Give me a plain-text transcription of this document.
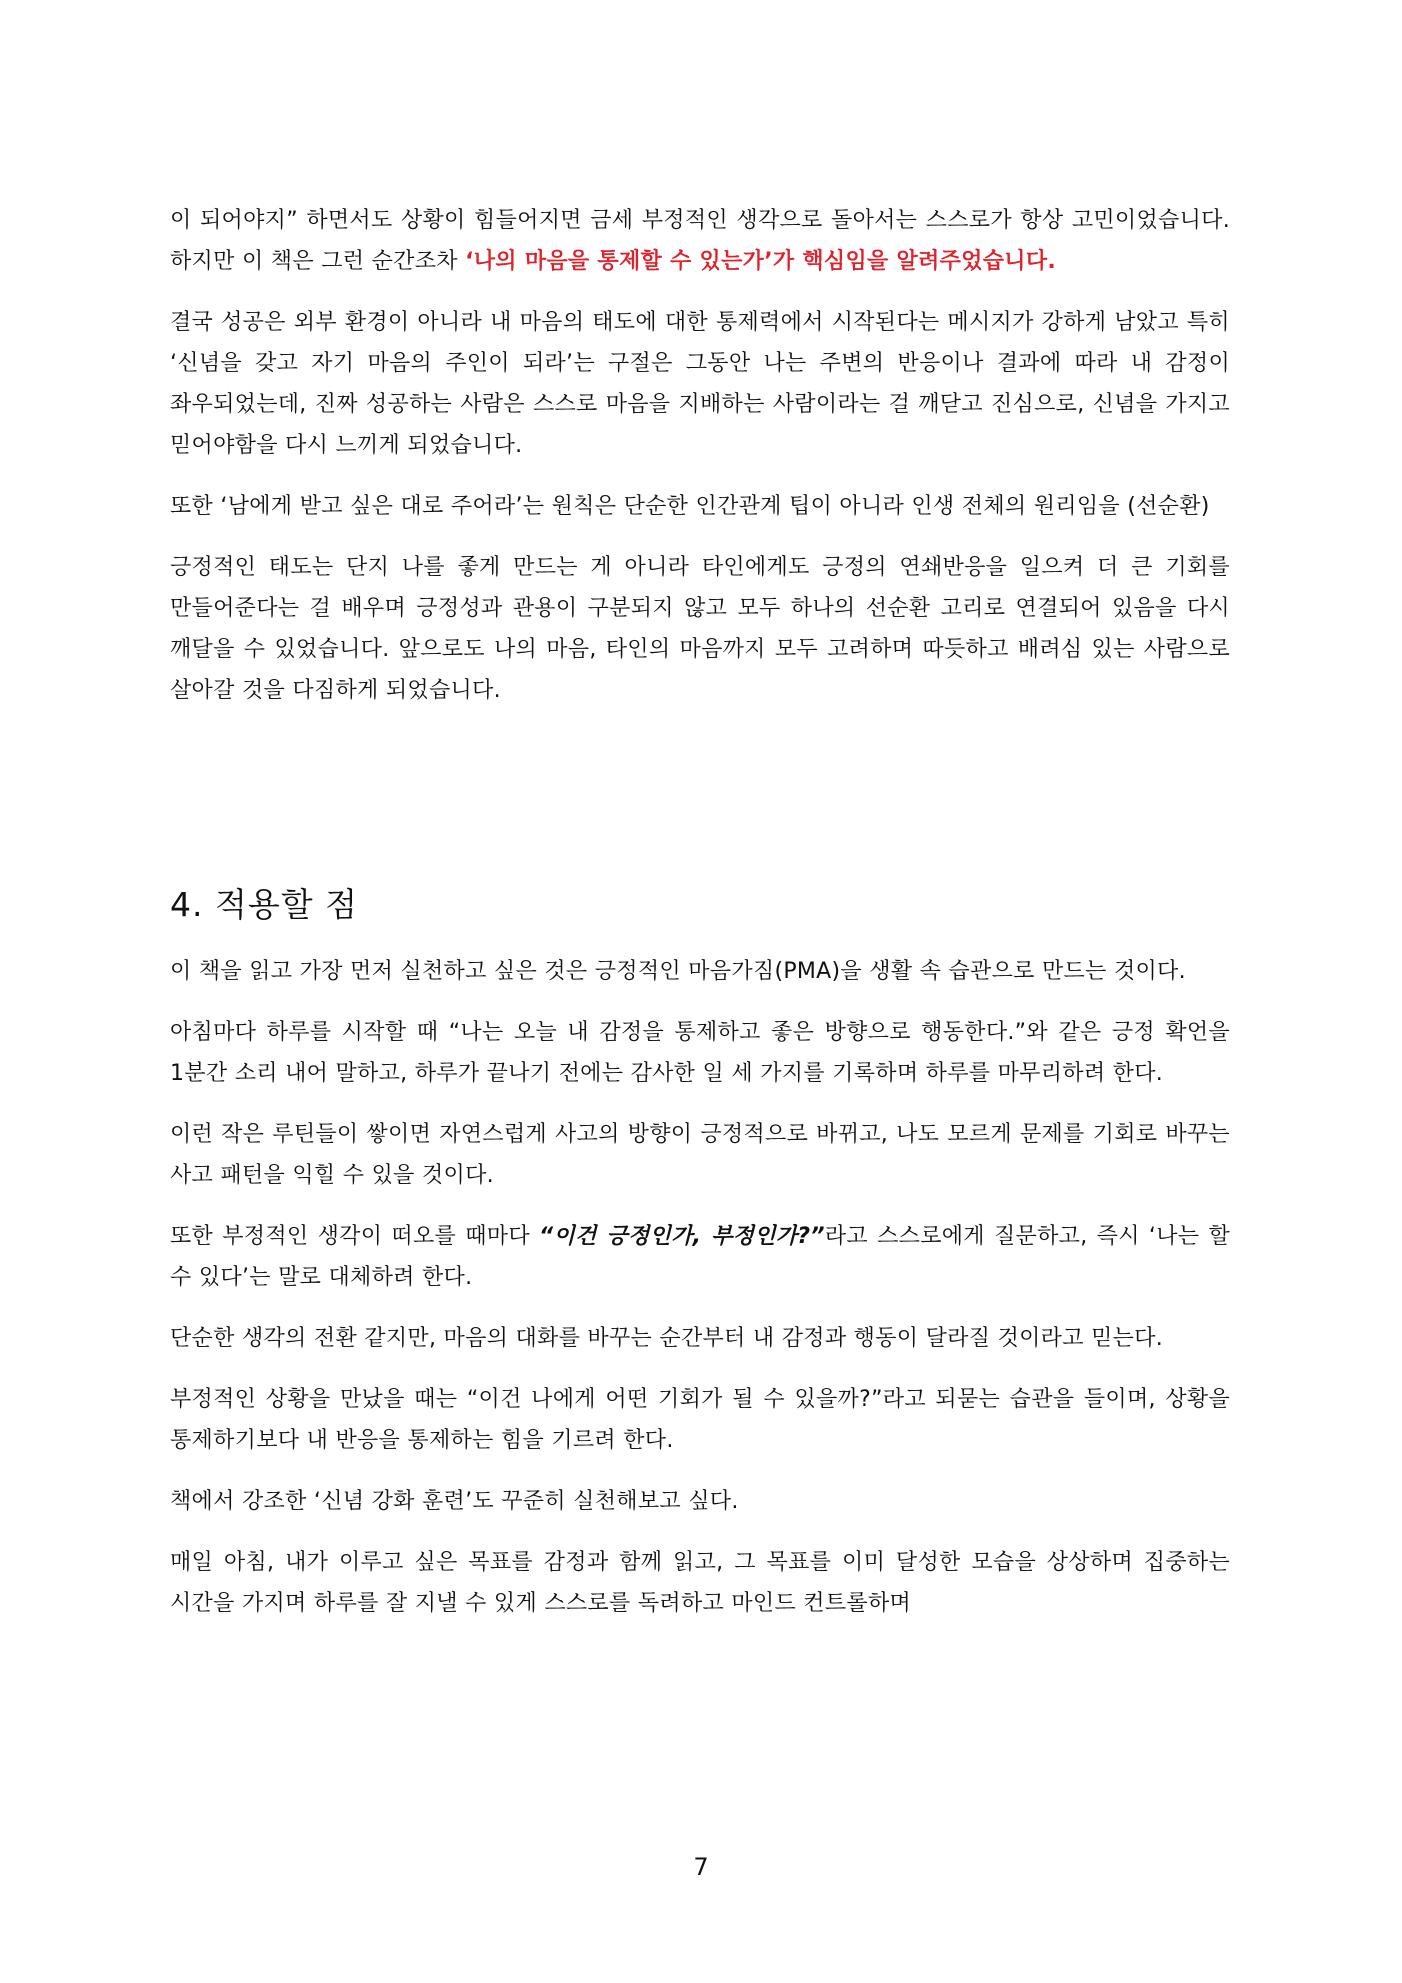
이 되어야지” 하면서도 상황이 힘들어지면 금세 부정적인 생각으로 돌아서는 스스로가 항상 고민이었습니다. 하지만 이 책은 그런 순간조차 ‘나의 마음을 통제할 수 있는가’가 핵심임을 알려주었습니다.

결국 성공은 외부 환경이 아니라 내 마음의 태도에 대한 통제력에서 시작된다는 메시지가 강하게 남았고 특히 ‘신념을 갖고 자기 마음의 주인이 되라’는 구절은 그동안 나는 주변의 반응이나 결과에 따라 내 감정이 좌우되었는데, 진짜 성공하는 사람은 스스로 마음을 지배하는 사람이라는 걸 깨닫고 진심으로, 신념을 가지고 믿어야함을 다시 느끼게 되었습니다.

또한 ‘남에게 받고 싶은 대로 주어라’는 원칙은 단순한 인간관계 팁이 아니라 인생 전체의 원리임을 (선순환)

긍정적인 태도는 단지 나를 좋게 만드는 게 아니라 타인에게도 긍정의 연쇄반응을 일으켜 더 큰 기회를 만들어준다는 걸 배우며 긍정성과 관용이 구분되지 않고 모두 하나의 선순환 고리로 연결되어 있음을 다시 깨달을 수 있었습니다. 앞으로도 나의 마음, 타인의 마음까지 모두 고려하며 따듯하고 배려심 있는 사람으로 살아갈 것을 다짐하게 되었습니다.

4. 적용할 점

이 책을 읽고 가장 먼저 실천하고 싶은 것은 긍정적인 마음가짐(PMA)을 생활 속 습관으로 만드는 것이다.

아침마다 하루를 시작할 때 “나는 오늘 내 감정을 통제하고 좋은 방향으로 행동한다.”와 같은 긍정 확언을 1분간 소리 내어 말하고, 하루가 끝나기 전에는 감사한 일 세 가지를 기록하며 하루를 마무리하려 한다.

이런 작은 루틴들이 쌓이면 자연스럽게 사고의 방향이 긍정적으로 바뀌고, 나도 모르게 문제를 기회로 바꾸는 사고 패턴을 익힐 수 있을 것이다.

또한 부정적인 생각이 떠오를 때마다 “이건 긍정인가, 부정인가?”라고 스스로에게 질문하고, 즉시 ‘나는 할 수 있다’는 말로 대체하려 한다.

단순한 생각의 전환 같지만, 마음의 대화를 바꾸는 순간부터 내 감정과 행동이 달라질 것이라고 믿는다.

부정적인 상황을 만났을 때는 “이건 나에게 어떤 기회가 될 수 있을까?”라고 되묻는 습관을 들이며, 상황을 통제하기보다 내 반응을 통제하는 힘을 기르려 한다.

책에서 강조한 ‘신념 강화 훈련’도 꾸준히 실천해보고 싶다.

매일 아침, 내가 이루고 싶은 목표를 감정과 함께 읽고, 그 목표를 이미 달성한 모습을 상상하며 집중하는 시간을 가지며 하루를 잘 지낼 수 있게 스스로를 독려하고 마인드 컨트롤하며

7
